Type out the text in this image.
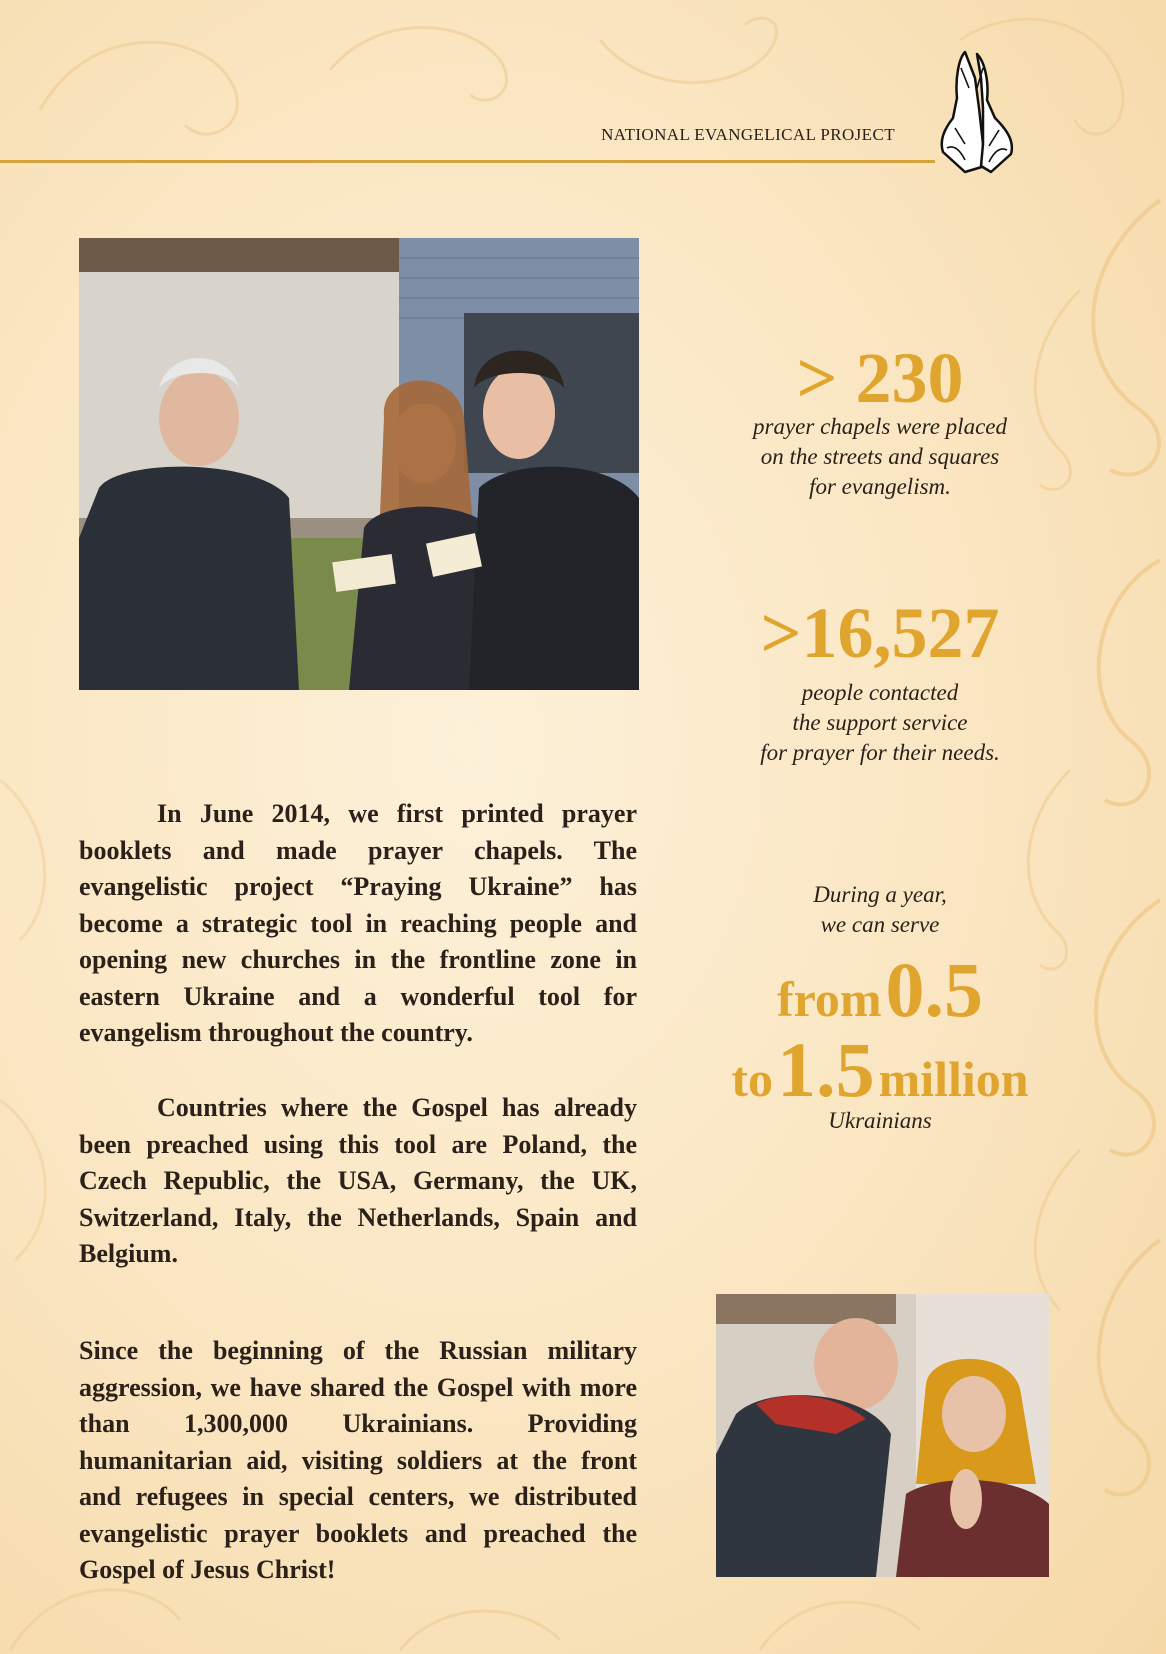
NATIONAL EVANGELICAL PROJECT

In June 2014, we first printed prayer booklets and made prayer chapels. The evangelistic project “Praying Ukraine” has become a strategic tool in reaching people and opening new churches in the frontline zone in eastern Ukraine and a wonderful tool for evangelism throughout the country.

Countries where the Gospel has already been preached using this tool are Poland, the Czech Republic, the USA, Germany, the UK, Switzerland, Italy, the Netherlands, Spain and Belgium.

Since the beginning of the Russian military aggression, we have shared the Gospel with more than 1,300,000 Ukrainians. Providing humanitarian aid, visiting soldiers at the front and refugees in special centers, we distributed evangelistic prayer booklets and preached the Gospel of Jesus Christ!

> 230
prayer chapels were placed
on the streets and squares
for evangelism.
>16,527
people contacted
the support service
for prayer for their needs.
During a year,
we can serve
from 0.5
to 1.5 million
Ukrainians
